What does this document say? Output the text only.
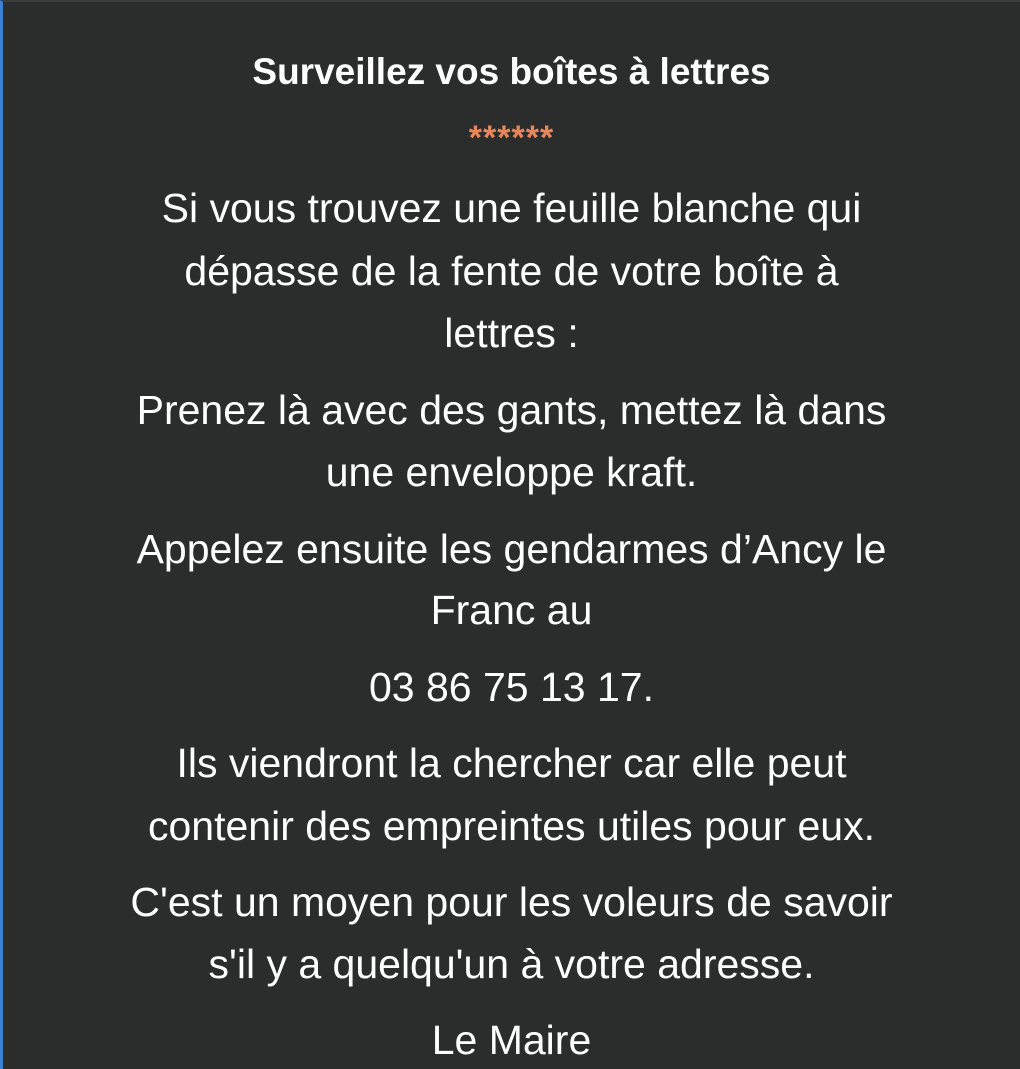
Surveillez vos boîtes à lettres
******
Si vous trouvez une feuille blanche qui
dépasse de la fente de votre boîte à
lettres :
Prenez là avec des gants, mettez là dans
une enveloppe kraft.
Appelez ensuite les gendarmes d’Ancy le
Franc au
03 86 75 13 17.
Ils viendront la chercher car elle peut
contenir des empreintes utiles pour eux.
C'est un moyen pour les voleurs de savoir
s'il y a quelqu'un à votre adresse.
Le Maire
